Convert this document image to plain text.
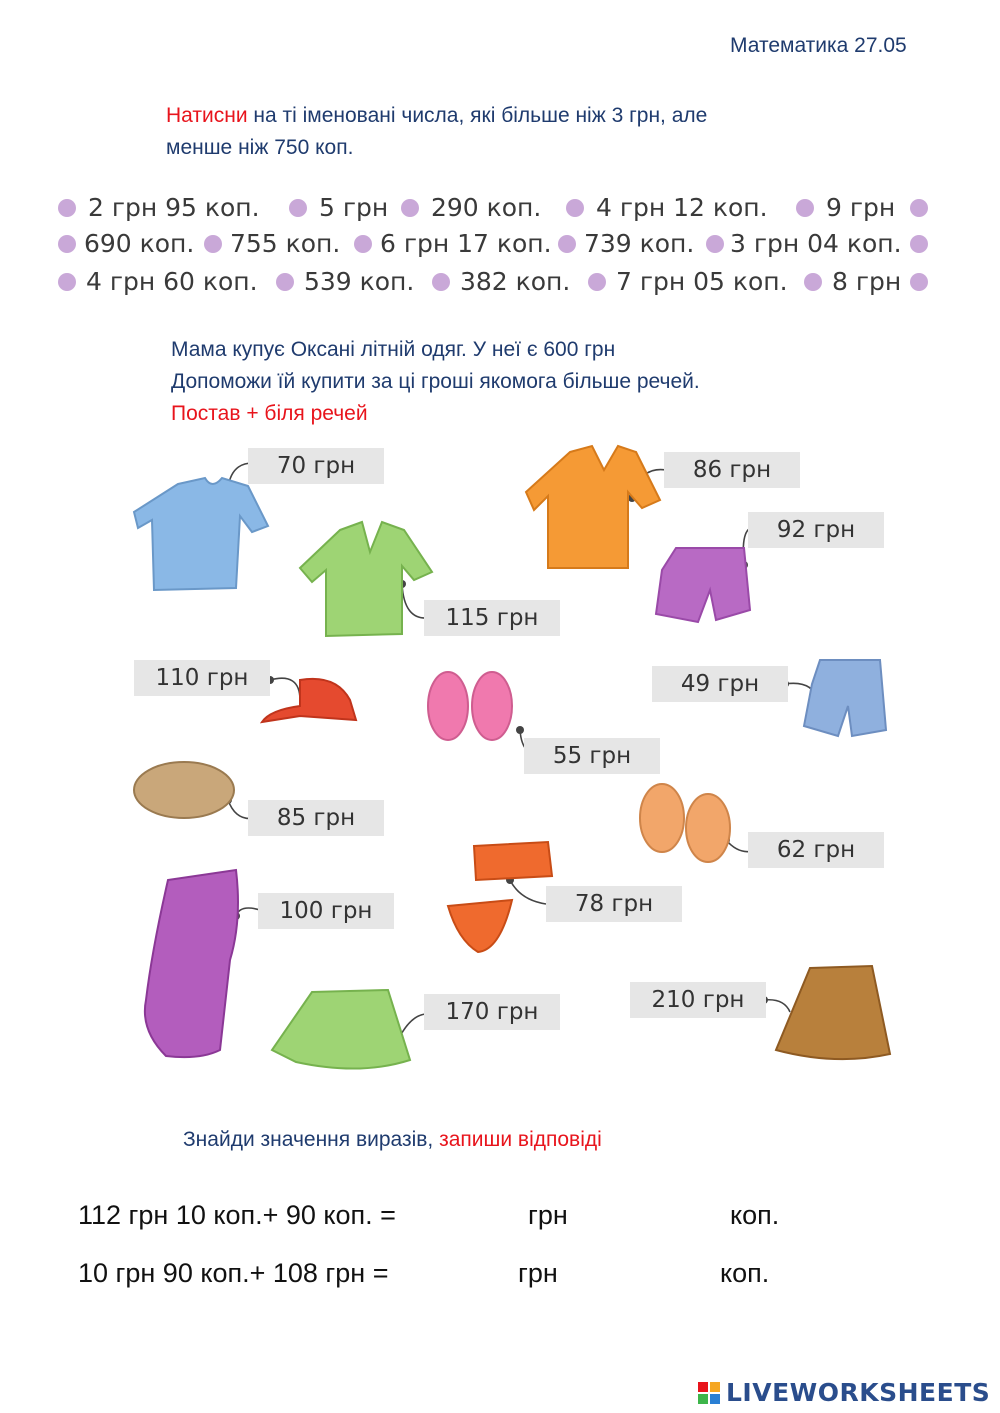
Математика 27.05
Натисни на ті іменовані числа, які більше ніж 3 грн, але
менше ніж 750 коп.
2 грн 95 коп. 5 грн 290 коп. 4 грн 12 коп. 9 грн
690 коп. 755 коп. 6 грн 17 коп. 739 коп. 3 грн 04 коп.
4 грн 60 коп. 539 коп. 382 коп. 7 грн 05 коп. 8 грн
Мама купує Оксані літній одяг. У неї є 600 грн
Допоможи їй купити за ці гроші якомога більше речей.
Постав + біля речей
70 грн	86 грн
92 грн
115 грн
110 грн	49 грн
55 грн
85 грн
62 грн
78 грн
100 грн
170 грн	210 грн
Знайди значення виразів, запиши відповіді
112 грн 10 коп.+ 90 коп. =	грн	коп.
10 грн 90 коп.+ 108 грн =	грн	коп.
LIVEWORKSHEETS
